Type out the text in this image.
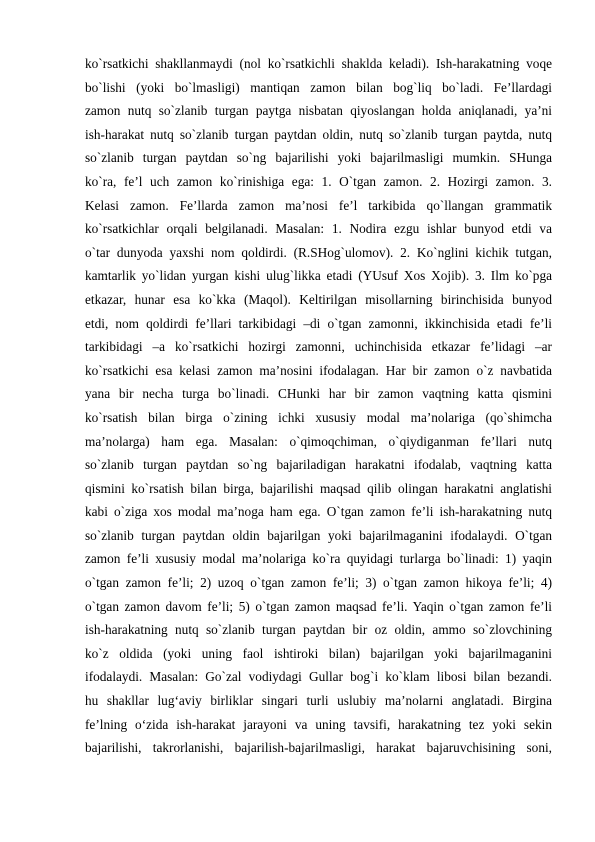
ko`rsatkichi shakllanmaydi (nol ko`rsatkichli shaklda keladi). Ish-harakatning voqe
bo`lishi (yoki bo`lmasligi) mantiqan zamon bilan bog`liq bo`ladi. Fe’llardagi
zamon nutq so`zlanib turgan paytga nisbatan qiyoslangan holda aniqlanadi, ya’ni
ish-harakat nutq so`zlanib turgan paytdan oldin, nutq so`zlanib turgan paytda, nutq
so`zlanib turgan paytdan so`ng bajarilishi yoki bajarilmasligi mumkin. SHunga
ko`ra, fe’l uch zamon ko`rinishiga ega: 1. O`tgan zamon. 2. Hozirgi zamon. 3.
Kelasi zamon. Fe’llarda zamon ma’nosi fe’l tarkibida qo`llangan grammatik
ko`rsatkichlar orqali belgilanadi. Masalan: 1. Nodira ezgu ishlar bunyod etdi va
o`tar dunyoda yaxshi nom qoldirdi. (R.SHog`ulomov). 2. Ko`nglini kichik tutgan,
kamtarlik yo`lidan yurgan kishi ulug`likka etadi (YUsuf Xos Xojib). 3. Ilm ko`pga
etkazar, hunar esa ko`kka (Maqol). Keltirilgan misollarning birinchisida bunyod
etdi, nom qoldirdi fe’llari tarkibidagi –di o`tgan zamonni, ikkinchisida etadi fe’li
tarkibidagi –a ko`rsatkichi hozirgi zamonni, uchinchisida etkazar fe’lidagi –ar
ko`rsatkichi esa kelasi zamon ma’nosini ifodalagan. Har bir zamon o`z navbatida
yana bir necha turga bo`linadi. CHunki har bir zamon vaqtning katta qismini
ko`rsatish bilan birga o`zining ichki xususiy modal ma’nolariga (qo`shimcha
ma’nolarga) ham ega. Masalan: o`qimoqchiman, o`qiydiganman fe’llari nutq
so`zlanib turgan paytdan so`ng bajariladigan harakatni ifodalab, vaqtning katta
qismini ko`rsatish bilan birga, bajarilishi maqsad qilib olingan harakatni anglatishi
kabi o`ziga xos modal ma’noga ham ega. O`tgan zamon fe’li ish-harakatning nutq
so`zlanib turgan paytdan oldin bajarilgan yoki bajarilmaganini ifodalaydi. O`tgan
zamon fe’li xususiy modal ma’nolariga ko`ra quyidagi turlarga bo`linadi: 1) yaqin
o`tgan zamon fe’li; 2) uzoq o`tgan zamon fe’li; 3) o`tgan zamon hikoya fe’li; 4)
o`tgan zamon davom fe’li; 5) o`tgan zamon maqsad fe’li. Yaqin o`tgan zamon fe’li
ish-harakatning nutq so`zlanib turgan paytdan bir oz oldin, ammo so`zlovchining
ko`z oldida (yoki uning faol ishtiroki bilan) bajarilgan yoki bajarilmaganini
ifodalaydi. Masalan: Go`zal vodiydagi Gullar bog`i ko`klam libosi bilan bezandi.
hu shakllar lug‘aviy birliklar singari turli uslubiy ma’nolarni anglatadi. Birgina
fe’lning o‘zida ish-harakat jarayoni va uning tavsifi, harakatning tez yoki sekin
bajarilishi, takrorlanishi, bajarilish-bajarilmasligi, harakat bajaruvchisining soni,
